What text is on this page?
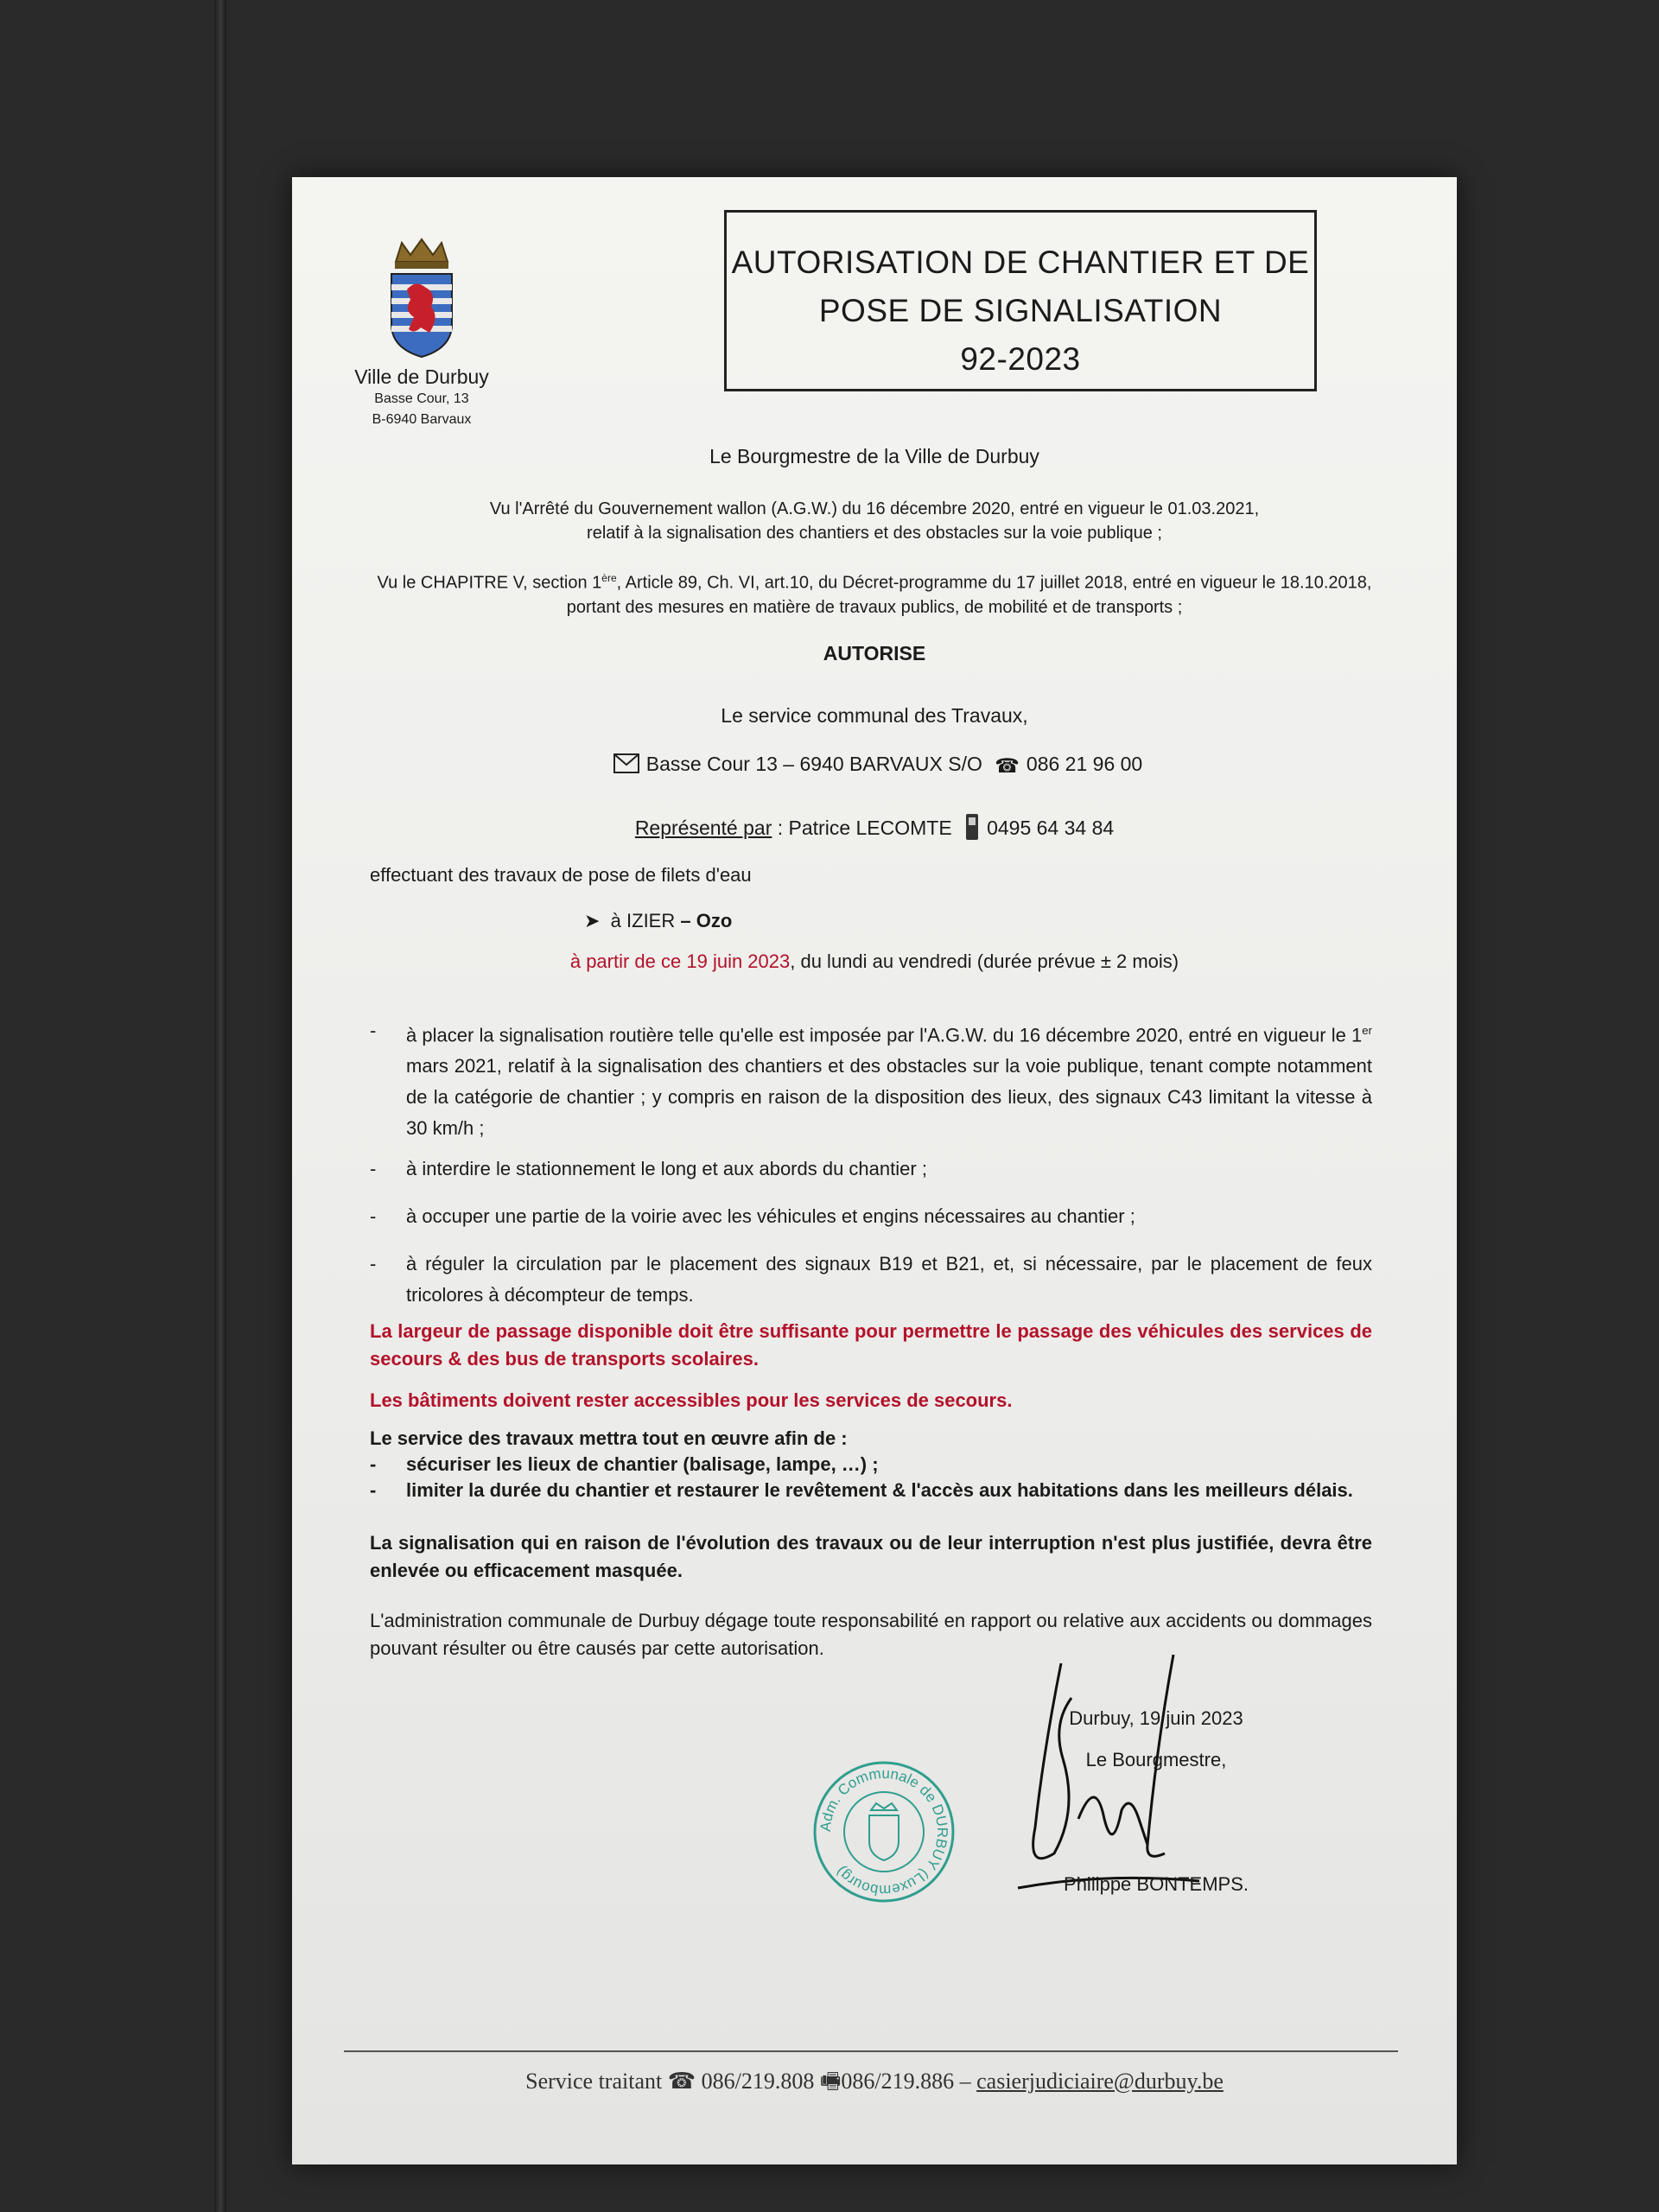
Ville de Durbuy
Basse Cour, 13
B-6940 Barvaux
AUTORISATION DE CHANTIER ET DE
POSE DE SIGNALISATION
92-2023
Le Bourgmestre de la Ville de Durbuy
Vu l'Arrêté du Gouvernement wallon (A.G.W.) du 16 décembre 2020, entré en vigueur le 01.03.2021,
relatif à la signalisation des chantiers et des obstacles sur la voie publique ;
Vu le CHAPITRE V, section 1ère, Article 89, Ch. VI, art.10, du Décret-programme du 17 juillet 2018, entré en vigueur le 18.10.2018,
portant des mesures en matière de travaux publics, de mobilité et de transports ;
AUTORISE
Le service communal des Travaux,
Basse Cour 13 – 6940 BARVAUX S/O ☎ 086 21 96 00
Représenté par : Patrice LECOMTE 0495 64 34 84
effectuant des travaux de pose de filets d'eau
➤  à IZIER – Ozo
à partir de ce 19 juin 2023, du lundi au vendredi (durée prévue ± 2 mois)
- à placer la signalisation routière telle qu'elle est imposée par l'A.G.W. du 16 décembre 2020, entré en vigueur le 1er mars 2021, relatif à la signalisation des chantiers et des obstacles sur la voie publique, tenant compte notamment de la catégorie de chantier ; y compris en raison de la disposition des lieux, des signaux C43 limitant la vitesse à 30 km/h ;
- à interdire le stationnement le long et aux abords du chantier ;
- à occuper une partie de la voirie avec les véhicules et engins nécessaires au chantier ;
- à réguler la circulation par le placement des signaux B19 et B21, et, si nécessaire, par le placement de feux tricolores à décompteur de temps.
La largeur de passage disponible doit être suffisante pour permettre le passage des véhicules des services de secours & des bus de transports scolaires.
Les bâtiments doivent rester accessibles pour les services de secours.
Le service des travaux mettra tout en œuvre afin de :
- sécuriser les lieux de chantier (balisage, lampe, …) ;
- limiter la durée du chantier et restaurer le revêtement & l'accès aux habitations dans les meilleurs délais.
La signalisation qui en raison de l'évolution des travaux ou de leur interruption n'est plus justifiée, devra être enlevée ou efficacement masquée.
L'administration communale de Durbuy dégage toute responsabilité en rapport ou relative aux accidents ou dommages pouvant résulter ou être causés par cette autorisation.
Adm. Communale de DURBUY (Luxembourg)
Durbuy, 19 juin 2023
Le Bourgmestre,
Philippe BONTEMPS.
Service traitant ☎ 086/219.808 🖷086/219.886 – casierjudiciaire@durbuy.be
